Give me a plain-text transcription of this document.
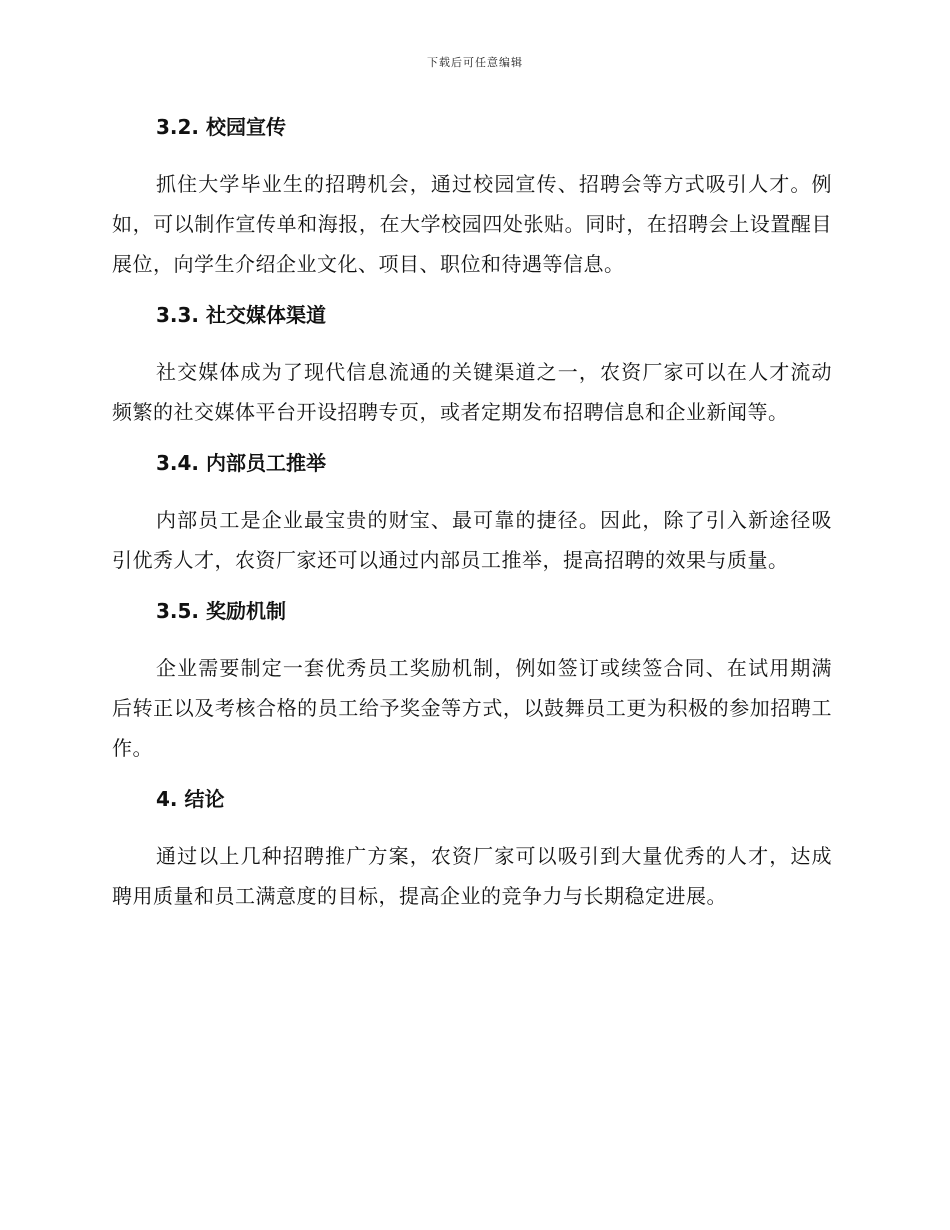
下载后可任意编辑
3.2. 校园宣传

抓住大学毕业生的招聘机会，通过校园宣传、招聘会等方式吸引人才。例如，可以制作宣传单和海报，在大学校园四处张贴。同时，在招聘会上设置醒目展位，向学生介绍企业文化、项目、职位和待遇等信息。

3.3. 社交媒体渠道

社交媒体成为了现代信息流通的关键渠道之一，农资厂家可以在人才流动频繁的社交媒体平台开设招聘专页，或者定期发布招聘信息和企业新闻等。

3.4. 内部员工推举

内部员工是企业最宝贵的财宝、最可靠的捷径。因此，除了引入新途径吸引优秀人才，农资厂家还可以通过内部员工推举，提高招聘的效果与质量。

3.5. 奖励机制

企业需要制定一套优秀员工奖励机制，例如签订或续签合同、在试用期满后转正以及考核合格的员工给予奖金等方式，以鼓舞员工更为积极的参加招聘工作。

4. 结论

通过以上几种招聘推广方案，农资厂家可以吸引到大量优秀的人才，达成聘用质量和员工满意度的目标，提高企业的竞争力与长期稳定进展。
